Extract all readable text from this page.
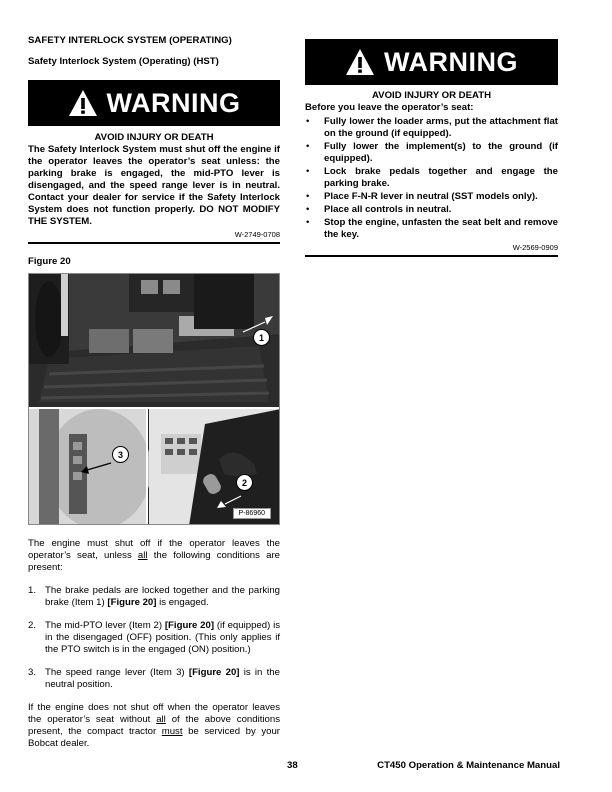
SAFETY INTERLOCK SYSTEM (OPERATING)
Safety Interlock System (Operating) (HST)
WARNING
AVOID INJURY OR DEATH
The Safety Interlock System must shut off the engine if the operator leaves the operator’s seat unless: the parking brake is engaged, the mid-PTO lever is disengaged, and the speed range lever is in neutral. Contact your dealer for service if the Safety Interlock System does not function properly. DO NOT MODIFY THE SYSTEM.
W-2749-0708
Figure 20
1
2
3
P-86960

The engine must shut off if the operator leaves the operator’s seat, unless all the following conditions are present:

1. The brake pedals are locked together and the parking brake (Item 1) [Figure 20] is engaged.
2. The mid-PTO lever (Item 2) [Figure 20] (if equipped) is in the disengaged (OFF) position. (This only applies if the PTO switch is in the engaged (ON) position.)
3. The speed range lever (Item 3) [Figure 20] is in the neutral position.

If the engine does not shut off when the operator leaves the operator’s seat without all of the above conditions present, the compact tractor must be serviced by your Bobcat dealer.

WARNING
AVOID INJURY OR DEATH
Before you leave the operator’s seat:
• Fully lower the loader arms, put the attachment flat on the ground (if equipped).
• Fully lower the implement(s) to the ground (if equipped).
• Lock brake pedals together and engage the parking brake.
• Place F-N-R lever in neutral (SST models only).
• Place all controls in neutral.
• Stop the engine, unfasten the seat belt and remove the key.
W-2569-0909
38	CT450 Operation & Maintenance Manual
